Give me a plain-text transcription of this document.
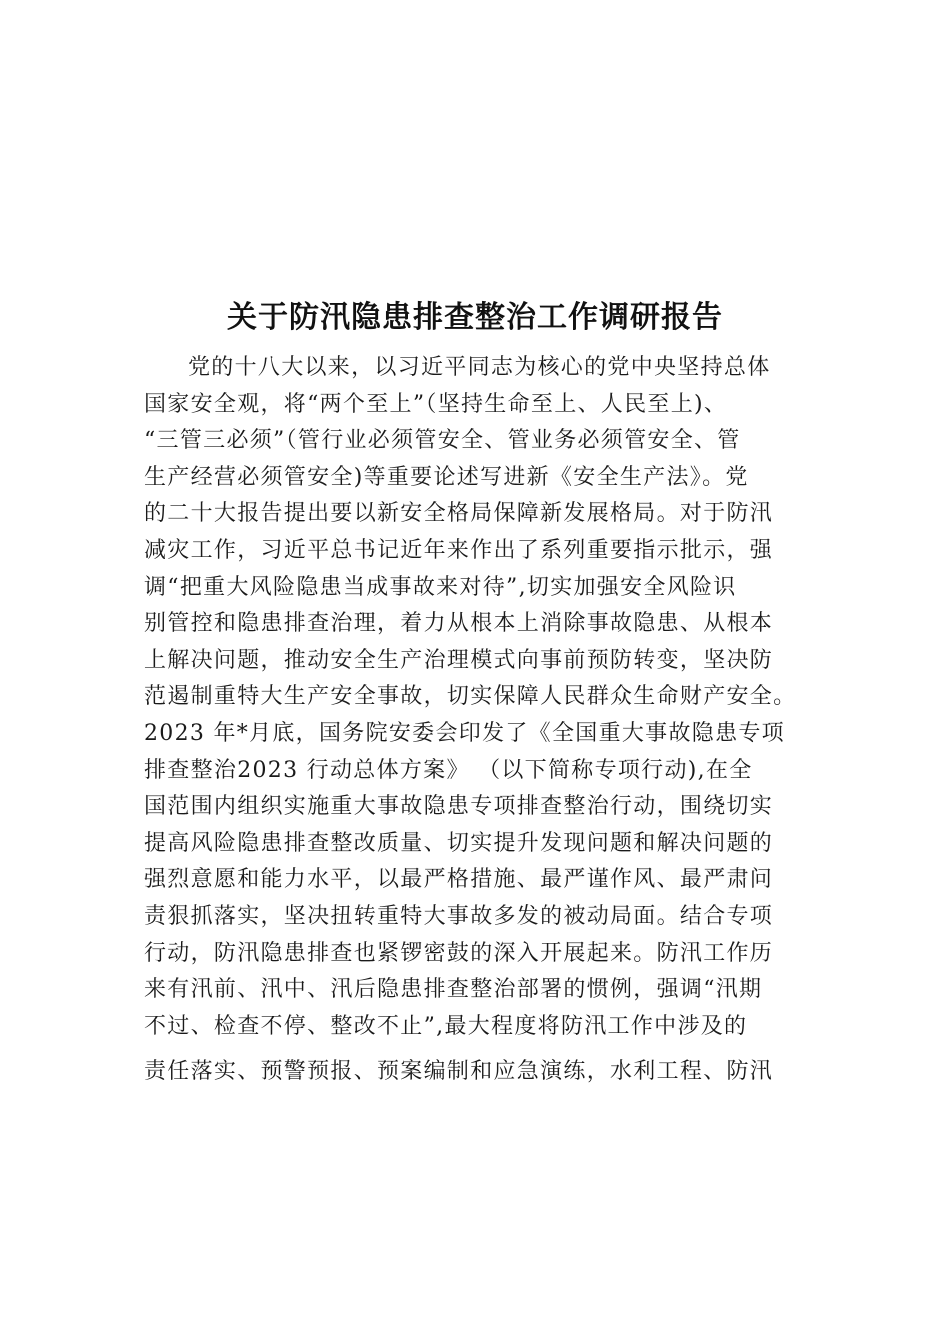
关于防汛隐患排查整治工作调研报告
党的十八大以来，以习近平同志为核心的党中央坚持总体
国家安全观，将“两个至上”（坚持生命至上、人民至上)、
“三管三必须”（管行业必须管安全、管业务必须管安全、管
生产经营必须管安全)等重要论述写进新《安全生产法》。党
的二十大报告提出要以新安全格局保障新发展格局。对于防汛
减灾工作，习近平总书记近年来作出了系列重要指示批示，强
调“把重大风险隐患当成事故来对待”,切实加强安全风险识
别管控和隐患排查治理，着力从根本上消除事故隐患、从根本
上解决问题，推动安全生产治理模式向事前预防转变，坚决防
范遏制重特大生产安全事故，切实保障人民群众生命财产安全。
2023 年*月底，国务院安委会印发了《全国重大事故隐患专项
排查整治2023 行动总体方案》 （以下简称专项行动),在全
国范围内组织实施重大事故隐患专项排查整治行动，围绕切实
提高风险隐患排查整改质量、切实提升发现问题和解决问题的
强烈意愿和能力水平，以最严格措施、最严谨作风、最严肃问
责狠抓落实，坚决扭转重特大事故多发的被动局面。结合专项
行动，防汛隐患排查也紧锣密鼓的深入开展起来。防汛工作历
来有汛前、汛中、汛后隐患排查整治部署的惯例，强调“汛期
不过、检查不停、整改不止”,最大程度将防汛工作中涉及的
责任落实、预警预报、预案编制和应急演练，水利工程、防汛
